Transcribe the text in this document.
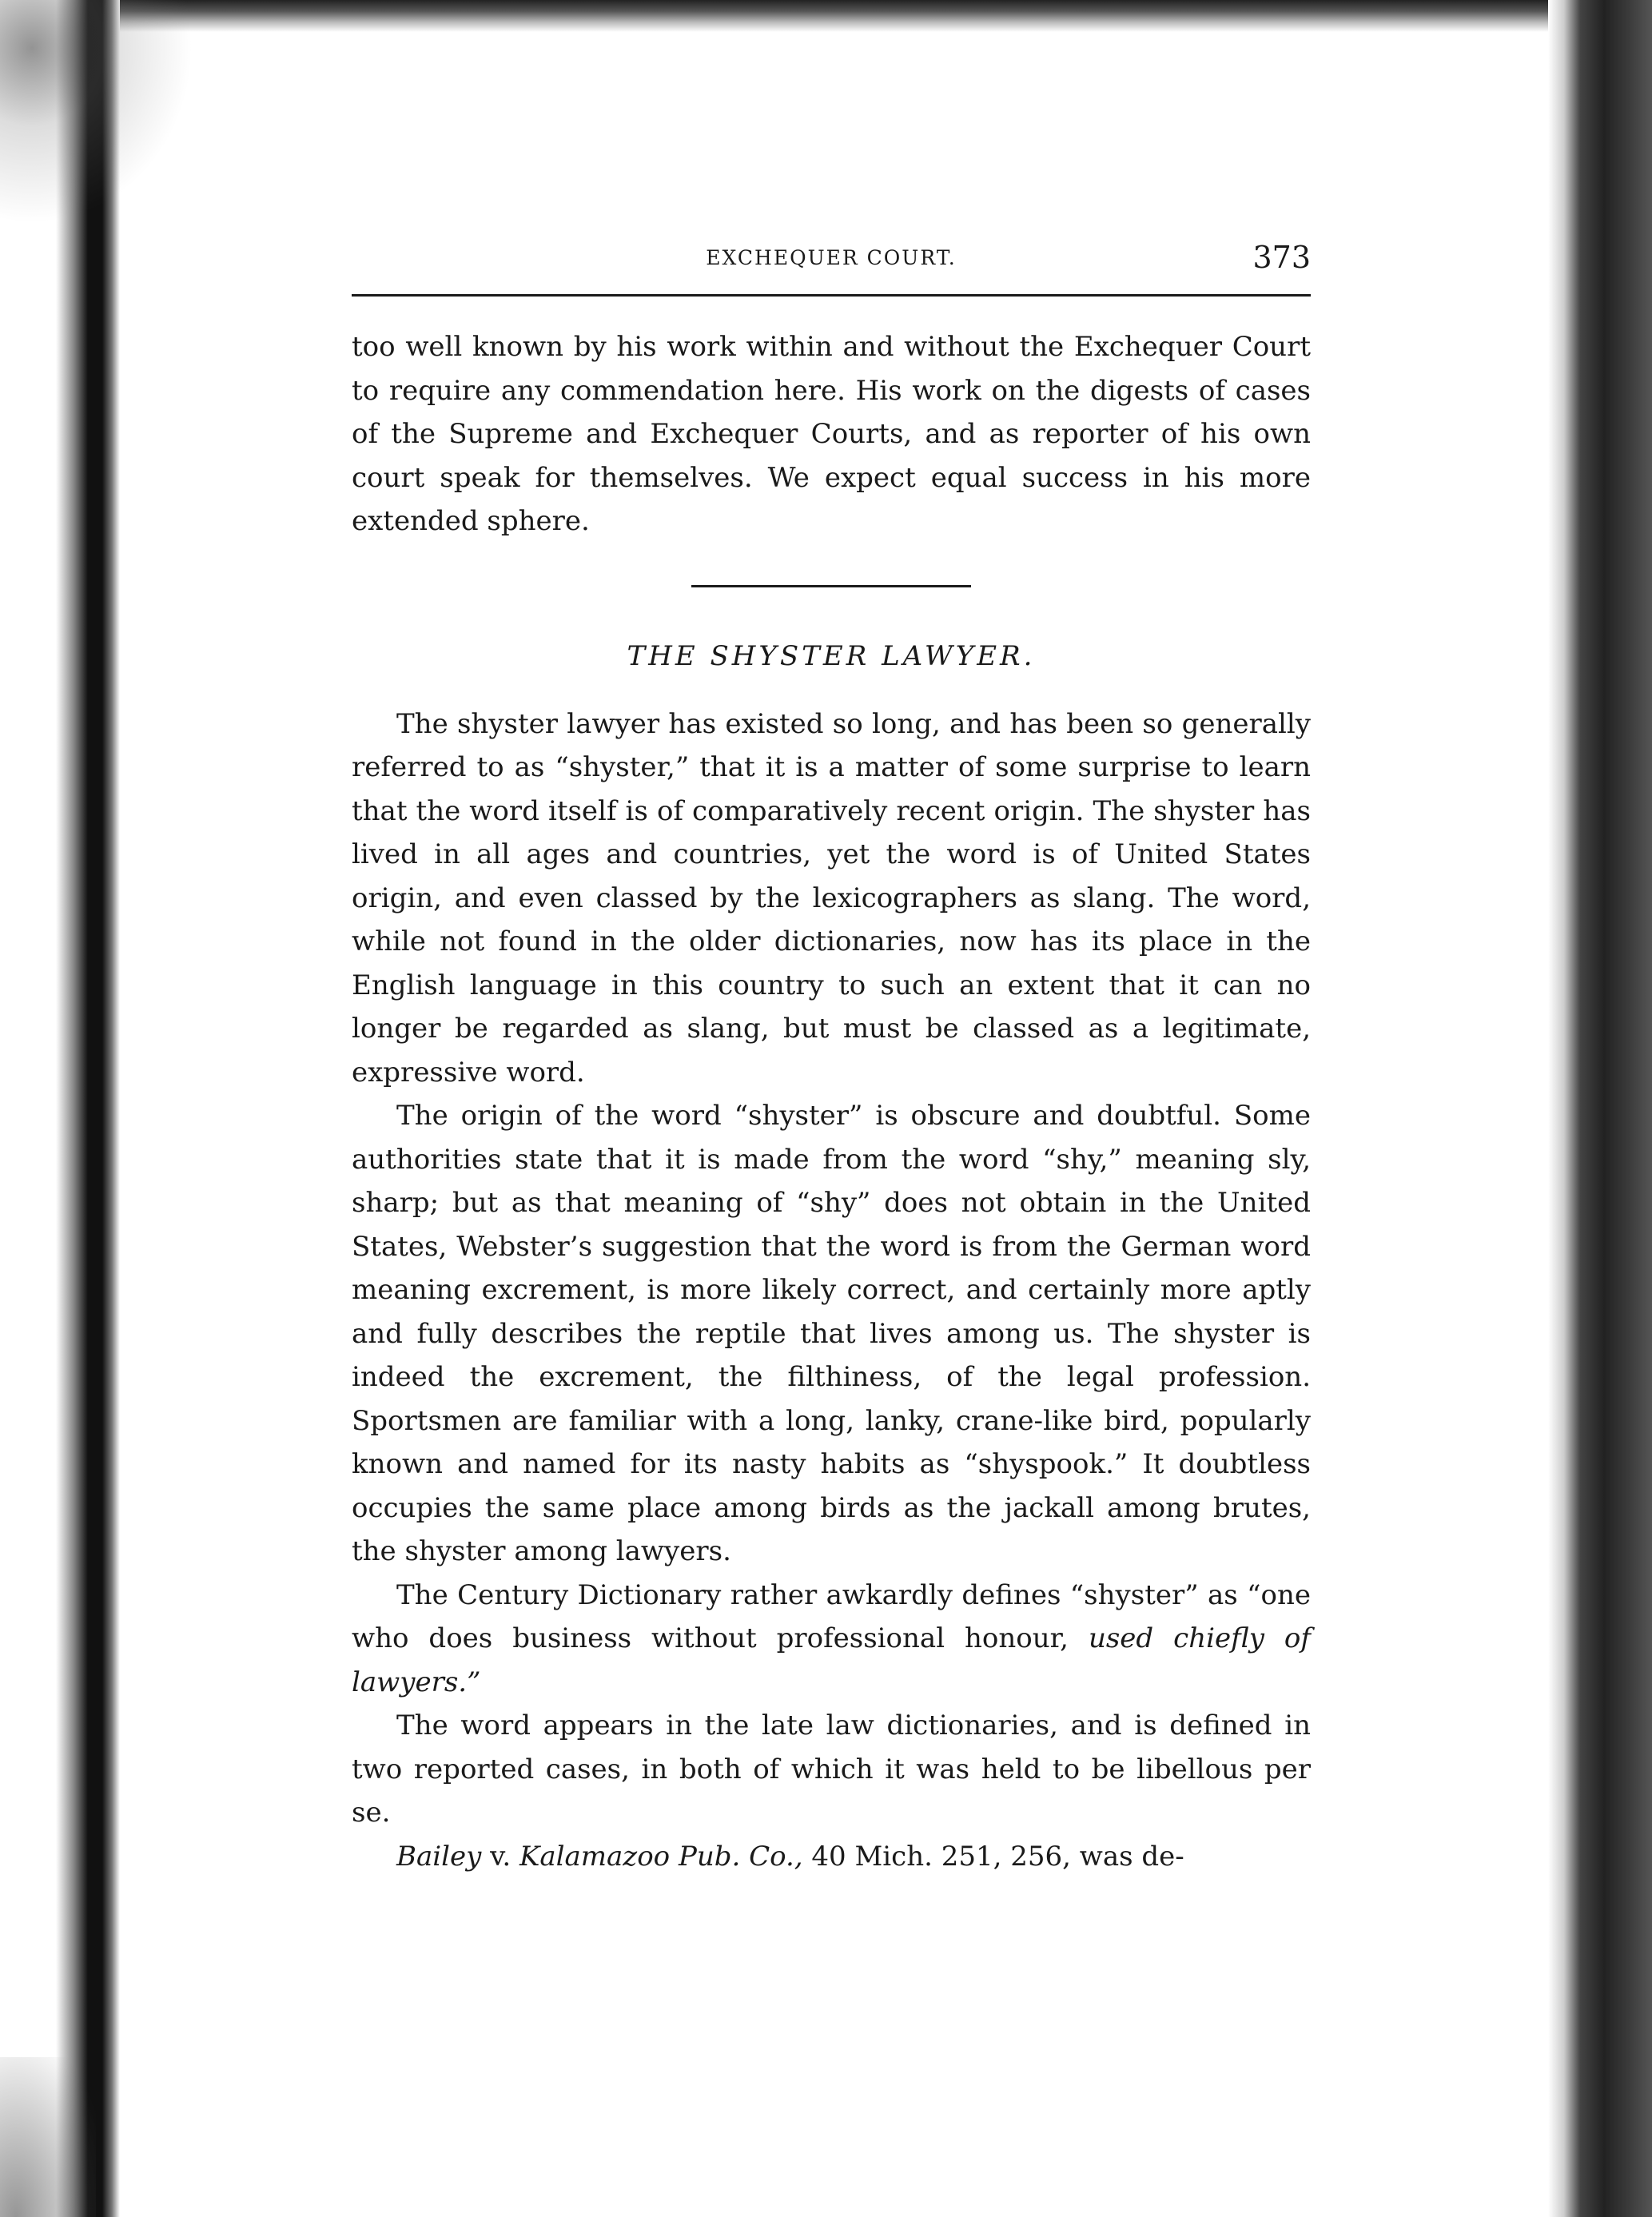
EXCHEQUER COURT.	373

too well known by his work within and without the Exchequer Court to require any commendation here. His work on the digests of cases of the Supreme and Exchequer Courts, and as reporter of his own court speak for themselves. We expect equal success in his more extended sphere.

THE SHYSTER LAWYER.

The shyster lawyer has existed so long, and has been so generally referred to as “shyster,” that it is a matter of some surprise to learn that the word itself is of comparatively recent origin. The shyster has lived in all ages and countries, yet the word is of United States origin, and even classed by the lexicographers as slang. The word, while not found in the older dictionaries, now has its place in the English language in this country to such an extent that it can no longer be regarded as slang, but must be classed as a legitimate, expressive word.

The origin of the word “shyster” is obscure and doubtful. Some authorities state that it is made from the word “shy,” meaning sly, sharp; but as that meaning of “shy” does not obtain in the United States, Webster’s suggestion that the word is from the German word meaning excrement, is more likely correct, and certainly more aptly and fully describes the reptile that lives among us. The shyster is indeed the excrement, the filthiness, of the legal profession. Sportsmen are familiar with a long, lanky, crane-like bird, popularly known and named for its nasty habits as “shyspook.” It doubtless occupies the same place among birds as the jackall among brutes, the shyster among lawyers.

The Century Dictionary rather awkardly defines “shyster” as “one who does business without professional honour, used chiefly of lawyers.”

The word appears in the late law dictionaries, and is defined in two reported cases, in both of which it was held to be libellous per se.

Bailey v. Kalamazoo Pub. Co., 40 Mich. 251, 256, was de-
